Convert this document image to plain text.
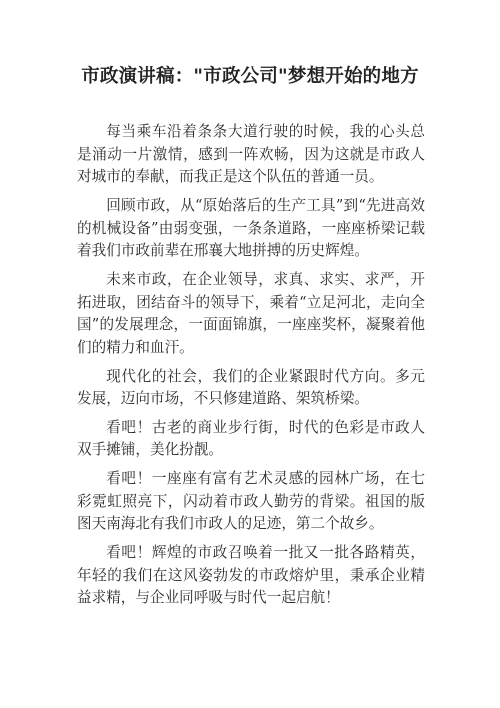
市政演讲稿："市政公司"梦想开始的地方

每当乘车沿着条条大道行驶的时候，我的心头总是涌动一片激情，感到一阵欢畅，因为这就是市政人对城市的奉献，而我正是这个队伍的普通一员。

回顾市政，从“原始落后的生产工具”到“先进高效的机械设备”由弱变强，一条条道路，一座座桥梁记载着我们市政前辈在邢襄大地拼搏的历史辉煌。

未来市政，在企业领导，求真、求实、求严，开拓进取，团结奋斗的领导下，乘着“立足河北，走向全国”的发展理念，一面面锦旗，一座座奖杯，凝聚着他们的精力和血汗。

现代化的社会，我们的企业紧跟时代方向。多元发展，迈向市场，不只修建道路、架筑桥梁。

看吧！古老的商业步行街，时代的色彩是市政人双手摊铺，美化扮靓。

看吧！一座座有富有艺术灵感的园林广场，在七彩霓虹照亮下，闪动着市政人勤劳的背梁。祖国的版图天南海北有我们市政人的足迹，第二个故乡。

看吧！辉煌的市政召唤着一批又一批各路精英，年轻的我们在这风姿勃发的市政熔炉里，秉承企业精益求精，与企业同呼吸与时代一起启航！
